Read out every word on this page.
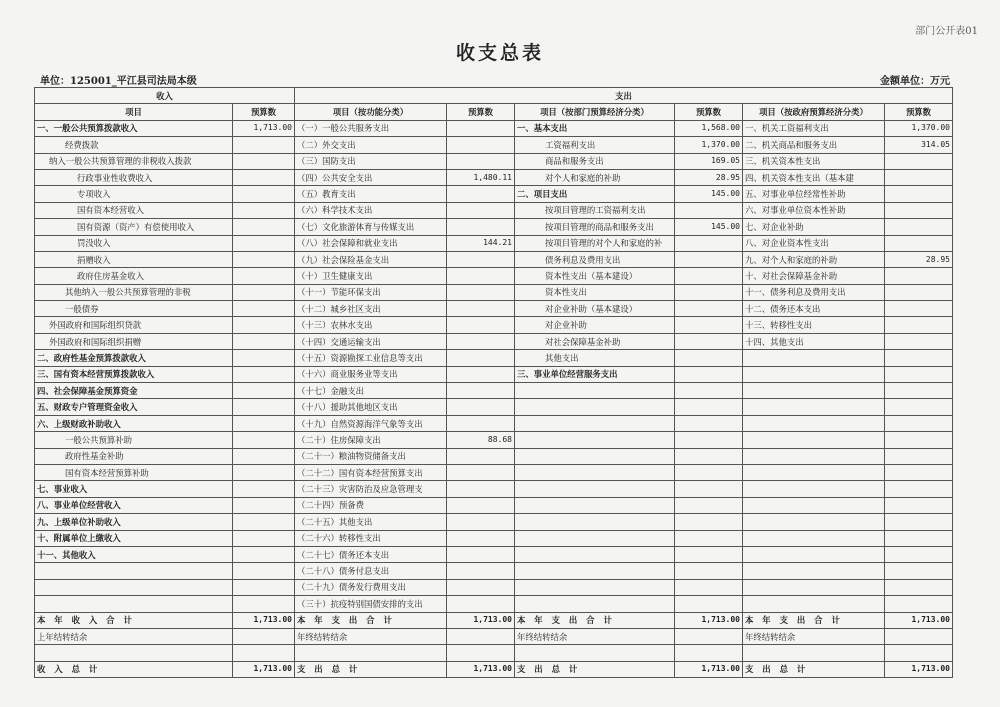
部门公开表01
收支总表
单位：125001_平江县司法局本级	金额单位：万元
收入		支出					
项目	预算数	项目（按功能分类）	预算数	项目（按部门预算经济分类）	预算数	项目（按政府预算经济分类）	预算数
一、一般公共预算拨款收入	1,713.00	（一）一般公共服务支出		一、基本支出	1,568.00	一、机关工资福利支出	1,370.00
经费拨款		（二）外交支出		工资福利支出	1,370.00	二、机关商品和服务支出	314.05
纳入一般公共预算管理的非税收入拨款		（三）国防支出		商品和服务支出	169.05	三、机关资本性支出	
行政事业性收费收入		（四）公共安全支出	1,480.11	对个人和家庭的补助	28.95	四、机关资本性支出（基本建	
专项收入		（五）教育支出		二、项目支出	145.00	五、对事业单位经常性补助	
国有资本经营收入		（六）科学技术支出		按项目管理的工资福利支出		六、对事业单位资本性补助	
国有资源（资产）有偿使用收入		（七）文化旅游体育与传媒支出		按项目管理的商品和服务支出	145.00	七、对企业补助	
罚没收入		（八）社会保障和就业支出	144.21	按项目管理的对个人和家庭的补		八、对企业资本性支出	
捐赠收入		（九）社会保险基金支出		债务利息及费用支出		九、对个人和家庭的补助	28.95
政府住房基金收入		（十）卫生健康支出		资本性支出（基本建设）		十、对社会保障基金补助	
其他纳入一般公共预算管理的非税		（十一）节能环保支出		资本性支出		十一、债务利息及费用支出	
一般债券		（十二）城乡社区支出		对企业补助（基本建设）		十二、债务还本支出	
外国政府和国际组织贷款		（十三）农林水支出		对企业补助		十三、转移性支出	
外国政府和国际组织捐赠		（十四）交通运输支出		对社会保障基金补助		十四、其他支出	
二、政府性基金预算拨款收入		（十五）资源勘探工业信息等支出		其他支出			
三、国有资本经营预算拨款收入		（十六）商业服务业等支出		三、事业单位经营服务支出			
四、社会保障基金预算资金		（十七）金融支出					
五、财政专户管理资金收入		（十八）援助其他地区支出					
六、上级财政补助收入		（十九）自然资源海洋气象等支出					
一般公共预算补助		（二十）住房保障支出	88.68				
政府性基金补助		（二十一）粮油物资储备支出					
国有资本经营预算补助		（二十二）国有资本经营预算支出					
七、事业收入		（二十三）灾害防治及应急管理支					
八、事业单位经营收入		（二十四）预备费					
九、上级单位补助收入		（二十五）其他支出					
十、附属单位上缴收入		（二十六）转移性支出					
十一、其他收入		（二十七）债务还本支出					
		（二十八）债务付息支出					
		（二十九）债务发行费用支出					
		（三十）抗疫特别国债安排的支出					
本 年 收 入 合 计	1,713.00	本 年 支 出 合 计	1,713.00	本 年 支 出 合 计	1,713.00	本 年 支 出 合 计	1,713.00
上年结转结余		年终结转结余		年终结转结余		年终结转结余	

收 入 总 计	1,713.00	支 出 总 计	1,713.00	支 出 总 计	1,713.00	支 出 总 计	1,713.00
